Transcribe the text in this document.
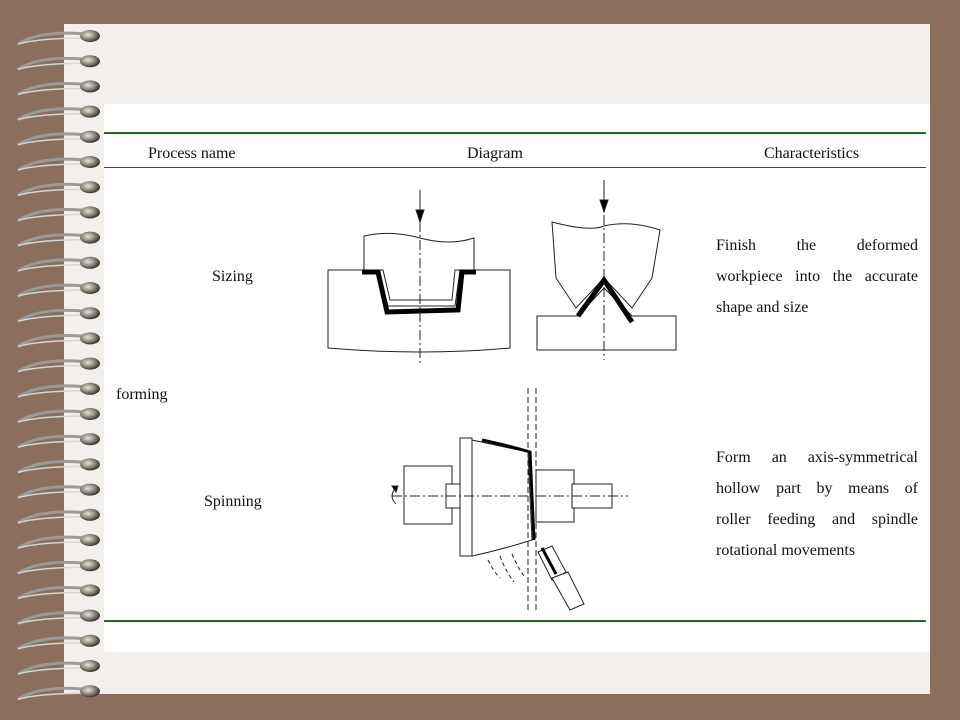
Process name	Diagram	Characteristics
forming
Sizing
Spinning
Finish the deformed
workpiece into the accurate
shape and size
Form an axis-symmetrical
hollow part by means of
roller feeding and spindle
rotational movements
